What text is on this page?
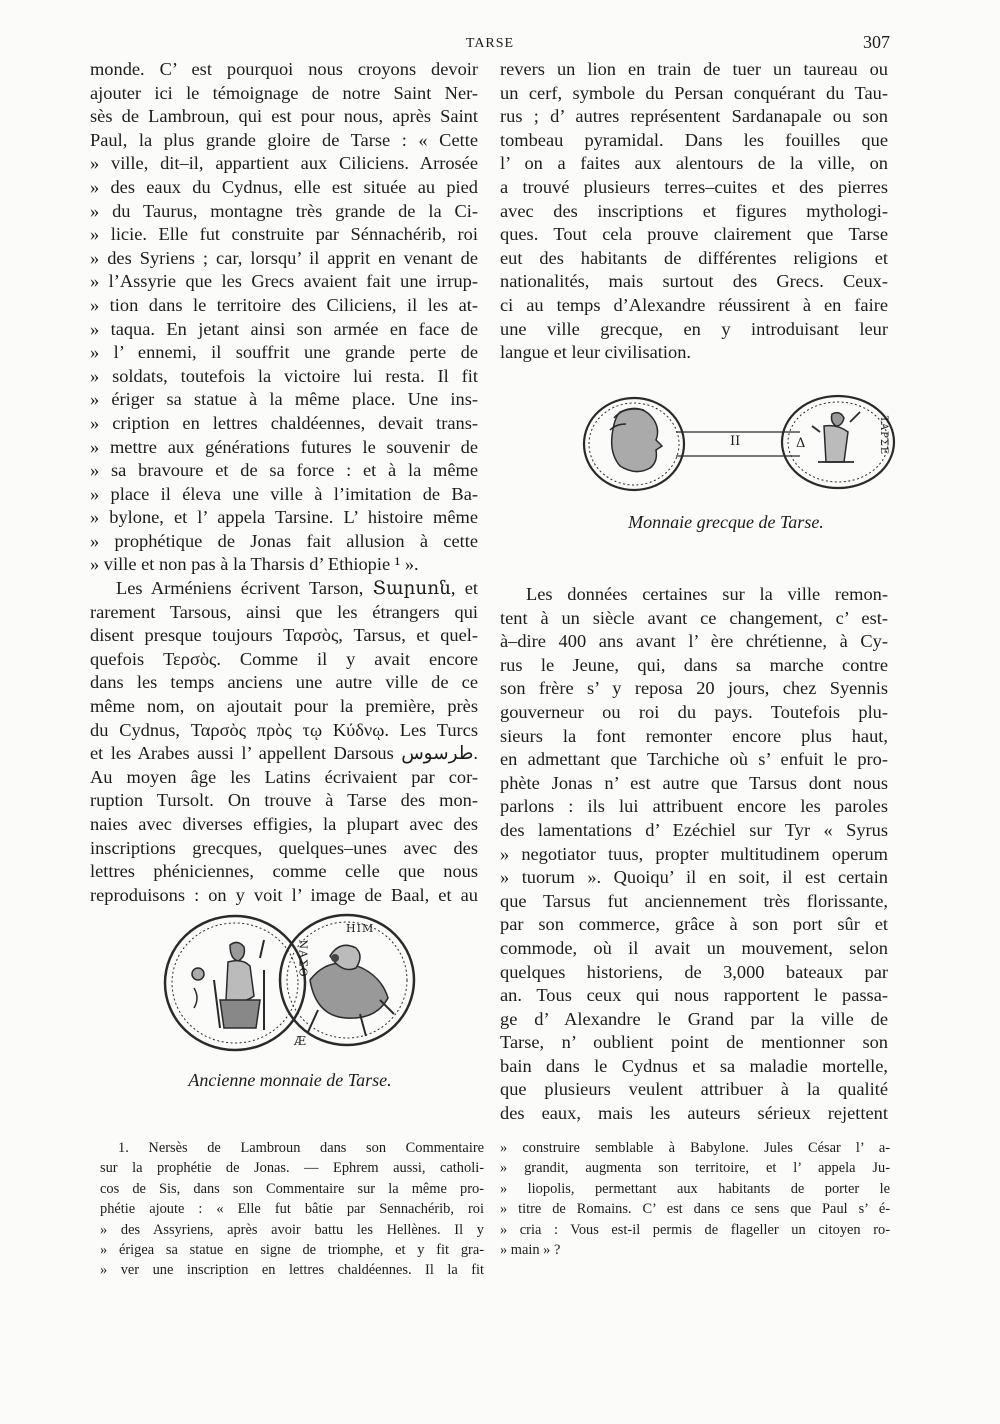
TARSE	307

monde. C’ est pourquoi nous croyons devoir
ajouter ici le témoignage de notre Saint Ner-
sès de Lambroun, qui est pour nous, après Saint
Paul, la plus grande gloire de Tarse : « Cette
» ville, dit–il, appartient aux Ciliciens. Arrosée
» des eaux du Cydnus, elle est située au pied
» du Taurus, montagne très grande de la Ci-
» licie. Elle fut construite par Sénnachérib, roi
» des Syriens ; car, lorsqu’ il apprit en venant de
» l’Assyrie que les Grecs avaient fait une irrup-
» tion dans le territoire des Ciliciens, il les at-
» taqua. En jetant ainsi son armée en face de
» l’ ennemi, il souffrit une grande perte de
» soldats, toutefois la victoire lui resta. Il fit
» ériger sa statue à la même place. Une ins-
» cription en lettres chaldéennes, devait trans-
» mettre aux générations futures le souvenir de
» sa bravoure et de sa force : et à la même
» place il éleva une ville à l’imitation de Ba-
» bylone, et l’ appela Tarsine. L’ histoire même
» prophétique de Jonas fait allusion à cette
» ville et non pas à la Tharsis d’ Ethiopie ¹ ».
Les Arméniens écrivent Tarson, Տարսոն, et
rarement Tarsous, ainsi que les étrangers qui
disent presque toujours Ταρσὸς, Tarsus, et quel-
quefois Τερσὸς. Comme il y avait encore
dans les temps anciens une autre ville de ce
même nom, on ajoutait pour la première, près
du Cydnus, Ταρσὸς πρὸς τῳ Κύδνῳ. Les Turcs
et les Arabes aussi l’ appellent Darsous طرسوس.
Au moyen âge les Latins écrivaient par cor-
ruption Tursolt. On trouve à Tarse des mon-
naies avec diverses effigies, la plupart avec des
inscriptions grecques, quelques–unes avec des
lettres phéniciennes, comme celle que nous
reproduisons : on y voit l’ image de Baal, et au

ΝΑΣΟ
ΗΙΜ
Æ
Ancienne monnaie de Tarse.

revers un lion en train de tuer un taureau ou
un cerf, symbole du Persan conquérant du Tau-
rus ; d’ autres représentent Sardanapale ou son
tombeau pyramidal. Dans les fouilles que
l’ on a faites aux alentours de la ville, on
a trouvé plusieurs terres–cuites et des pierres
avec des inscriptions et figures mythologi-
ques. Tout cela prouve clairement que Tarse
eut des habitants de différentes religions et
nationalités, mais surtout des Grecs. Ceux-
ci au temps d’Alexandre réussirent à en faire
une ville grecque, en y introduisant leur
langue et leur civilisation.

II	Δ	TAPΣE
Monnaie grecque de Tarse.

Les données certaines sur la ville remon-
tent à un siècle avant ce changement, c’ est-
à–dire 400 ans avant l’ ère chrétienne, à Cy-
rus le Jeune, qui, dans sa marche contre
son frère s’ y reposa 20 jours, chez Syennis
gouverneur ou roi du pays. Toutefois plu-
sieurs la font remonter encore plus haut,
en admettant que Tarchiche où s’ enfuit le pro-
phète Jonas n’ est autre que Tarsus dont nous
parlons : ils lui attribuent encore les paroles
des lamentations d’ Ezéchiel sur Tyr « Syrus
» negotiator tuus, propter multitudinem operum
» tuorum ». Quoiqu’ il en soit, il est certain
que Tarsus fut anciennement très florissante,
par son commerce, grâce à son port sûr et
commode, où il avait un mouvement, selon
quelques historiens, de 3,000 bateaux par
an. Tous ceux qui nous rapportent le passa-
ge d’ Alexandre le Grand par la ville de
Tarse, n’ oublient point de mentionner son
bain dans le Cydnus et sa maladie mortelle,
que plusieurs veulent attribuer à la qualité
des eaux, mais les auteurs sérieux rejettent

1. Nersès de Lambroun dans son Commentaire
sur la prophétie de Jonas. — Ephrem aussi, catholi-
cos de Sis, dans son Commentaire sur la même pro-
phétie ajoute : « Elle fut bâtie par Sennachérib, roi
» des Assyriens, après avoir battu les Hellènes. Il y
» érigea sa statue en signe de triomphe, et y fit gra-
» ver une inscription en lettres chaldéennes. Il la fit
» construire semblable à Babylone. Jules César l’ a-
» grandit, augmenta son territoire, et l’ appela Ju-
» liopolis, permettant aux habitants de porter le
» titre de Romains. C’ est dans ce sens que Paul s’ é-
» cria : Vous est-il permis de flageller un citoyen ro-
» main » ?
